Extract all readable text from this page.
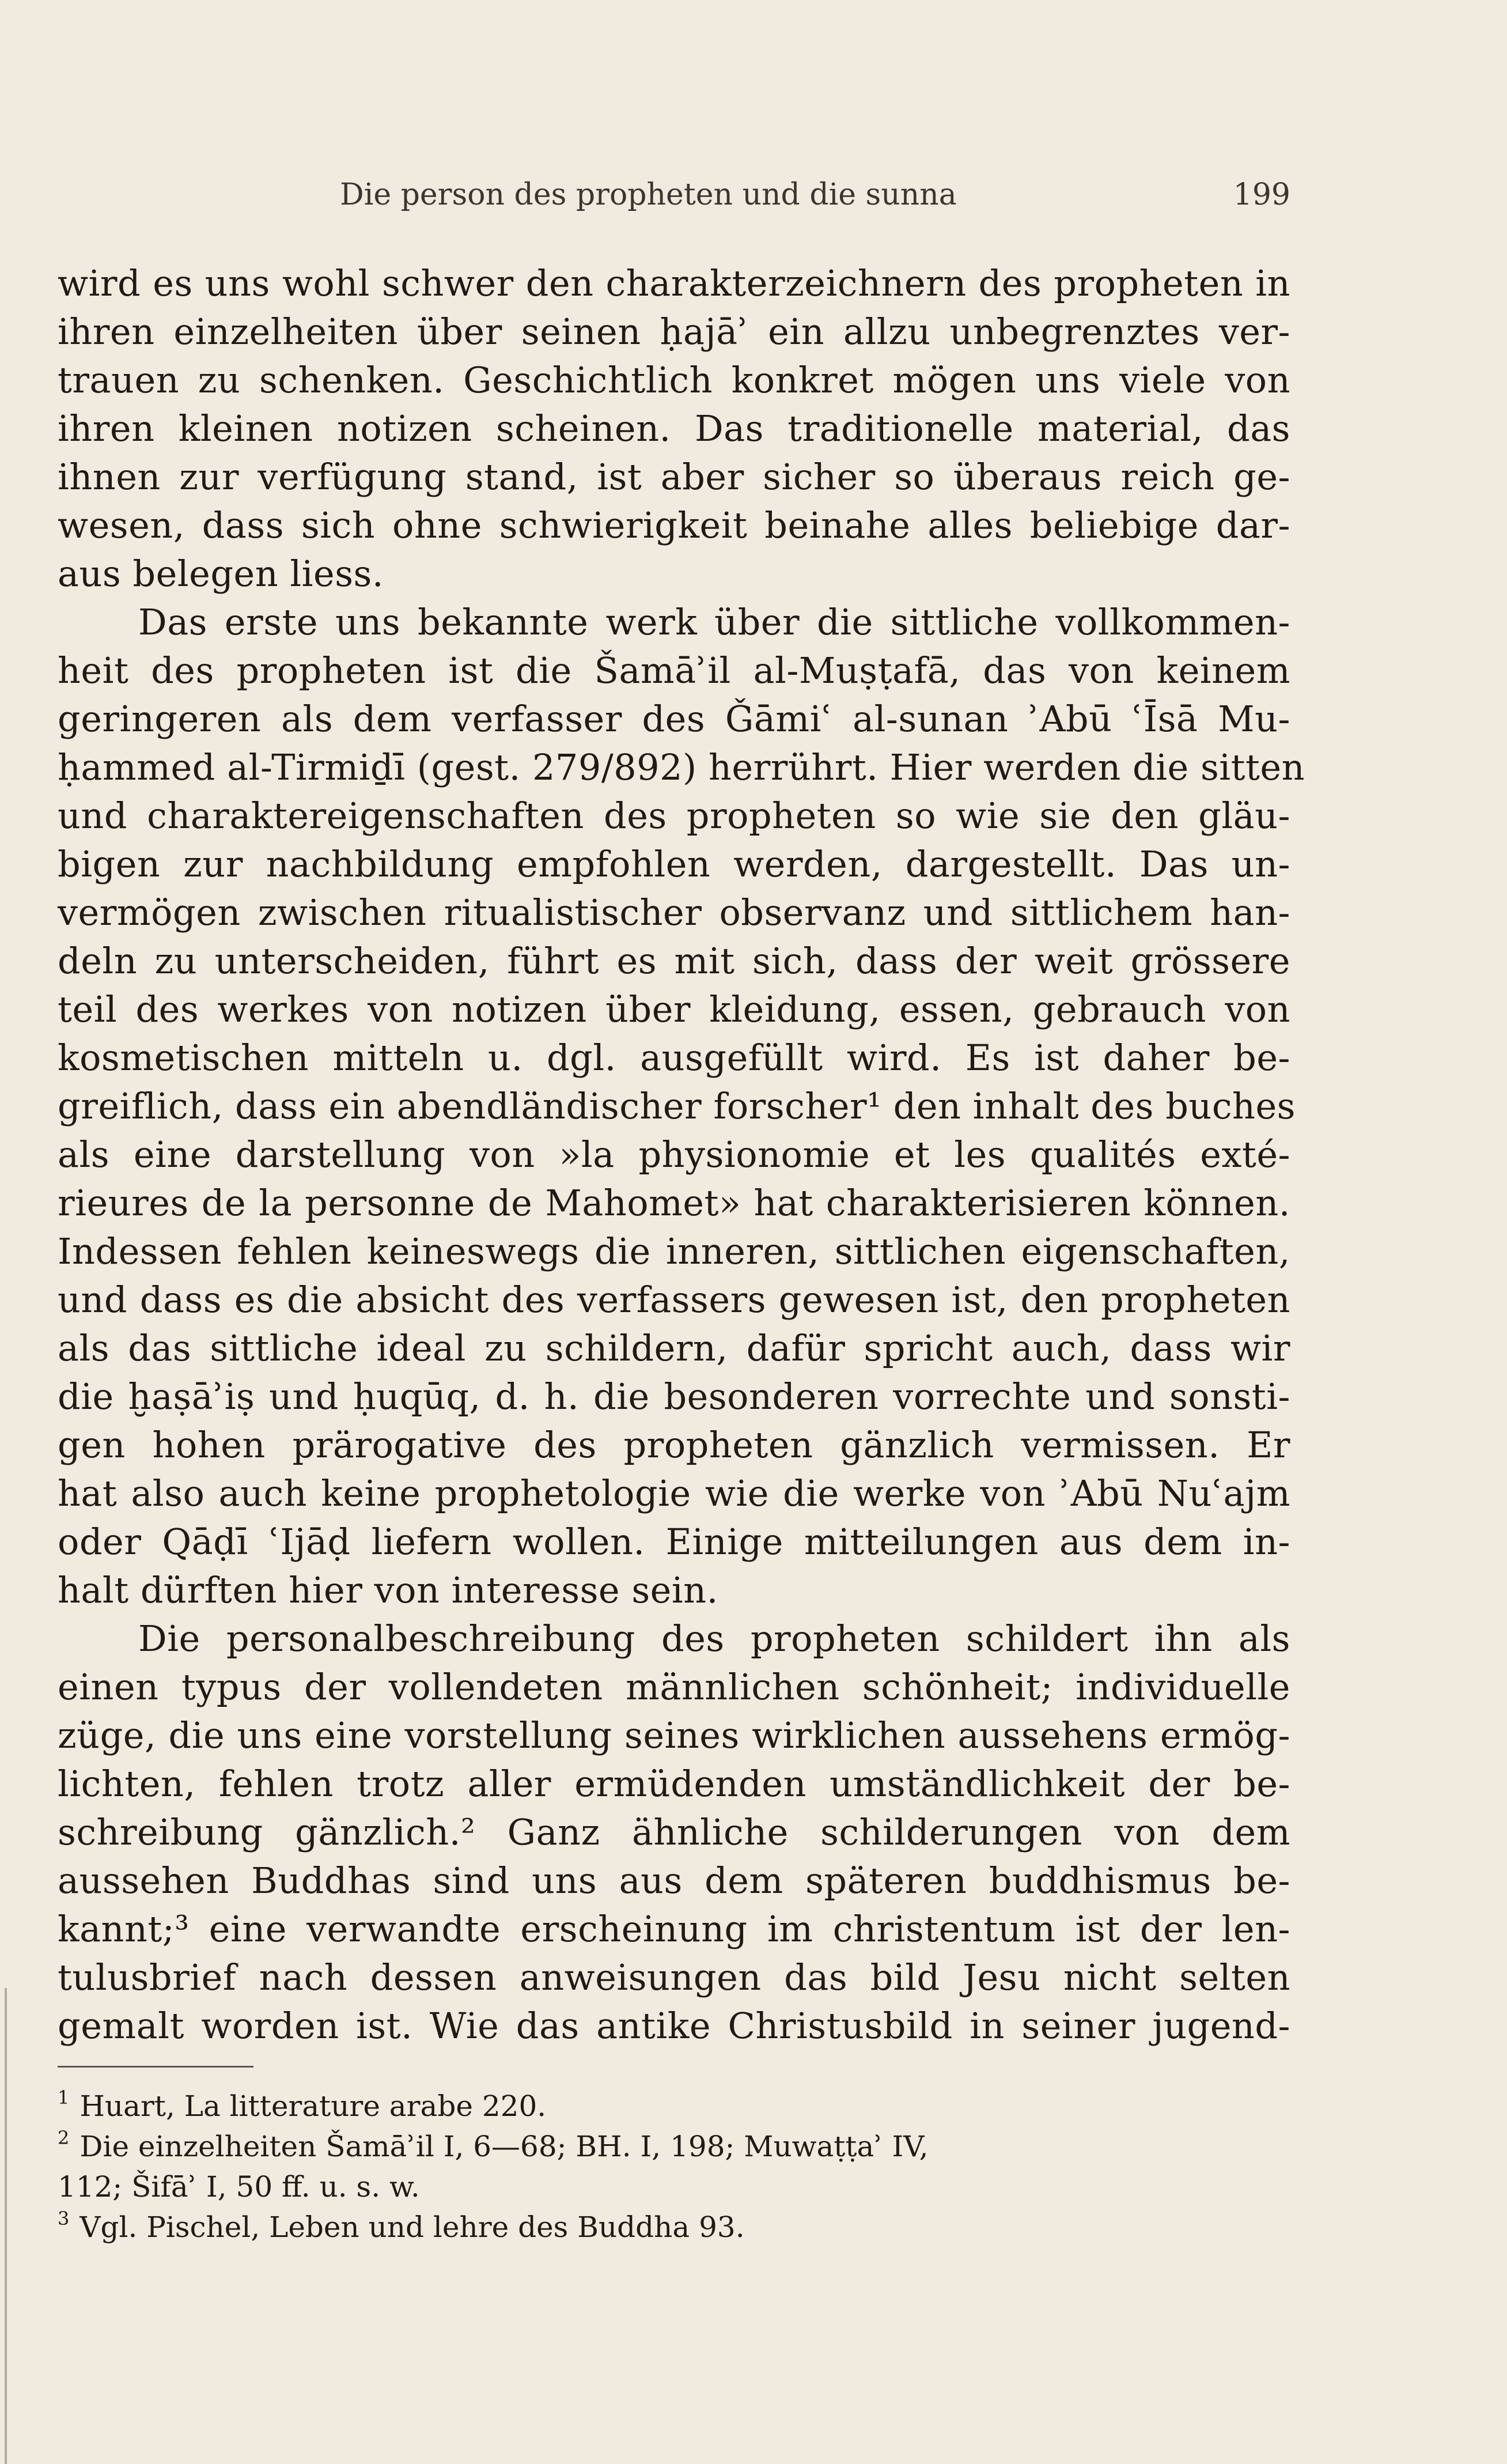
Die person des propheten und die sunna	199
wird es uns wohl schwer den charakterzeichnern des propheten in
ihren einzelheiten über seinen ḥajāʾ ein allzu unbegrenztes ver-
trauen zu schenken. Geschichtlich konkret mögen uns viele von
ihren kleinen notizen scheinen. Das traditionelle material, das
ihnen zur verfügung stand, ist aber sicher so überaus reich ge-
wesen, dass sich ohne schwierigkeit beinahe alles beliebige dar-
aus belegen liess.
Das erste uns bekannte werk über die sittliche vollkommen-
heit des propheten ist die Šamāʾil al-Muṣṭafā, das von keinem
geringeren als dem verfasser des Ǧāmiʿ al-sunan ʾAbū ʿĪsā Mu-
ḥammed al-Tirmiḏī (gest. 279/892) herrührt. Hier werden die sitten
und charaktereigenschaften des propheten so wie sie den gläu-
bigen zur nachbildung empfohlen werden, dargestellt. Das un-
vermögen zwischen ritualistischer observanz und sittlichem han-
deln zu unterscheiden, führt es mit sich, dass der weit grössere
teil des werkes von notizen über kleidung, essen, gebrauch von
kosmetischen mitteln u. dgl. ausgefüllt wird. Es ist daher be-
greiflich, dass ein abendländischer forscher¹ den inhalt des buches
als eine darstellung von »la physionomie et les qualités exté-
rieures de la personne de Mahomet» hat charakterisieren können.
Indessen fehlen keineswegs die inneren, sittlichen eigenschaften,
und dass es die absicht des verfassers gewesen ist, den propheten
als das sittliche ideal zu schildern, dafür spricht auch, dass wir
die ḫaṣāʾiṣ und ḥuqūq, d. h. die besonderen vorrechte und sonsti-
gen hohen prärogative des propheten gänzlich vermissen. Er
hat also auch keine prophetologie wie die werke von ʾAbū Nuʿajm
oder Qāḍī ʿIjāḍ liefern wollen. Einige mitteilungen aus dem in-
halt dürften hier von interesse sein.
Die personalbeschreibung des propheten schildert ihn als
einen typus der vollendeten männlichen schönheit; individuelle
züge, die uns eine vorstellung seines wirklichen aussehens ermög-
lichten, fehlen trotz aller ermüdenden umständlichkeit der be-
schreibung gänzlich.² Ganz ähnliche schilderungen von dem
aussehen Buddhas sind uns aus dem späteren buddhismus be-
kannt;³ eine verwandte erscheinung im christentum ist der len-
tulusbrief nach dessen anweisungen das bild Jesu nicht selten
gemalt worden ist. Wie das antike Christusbild in seiner jugend-
1 Huart, La litterature arabe 220.
2 Die einzelheiten Šamāʾil I, 6—68; BH. I, 198; Muwaṭṭaʾ IV,
112; Šifāʾ I, 50 ff. u. s. w.
3 Vgl. Pischel, Leben und lehre des Buddha 93.
